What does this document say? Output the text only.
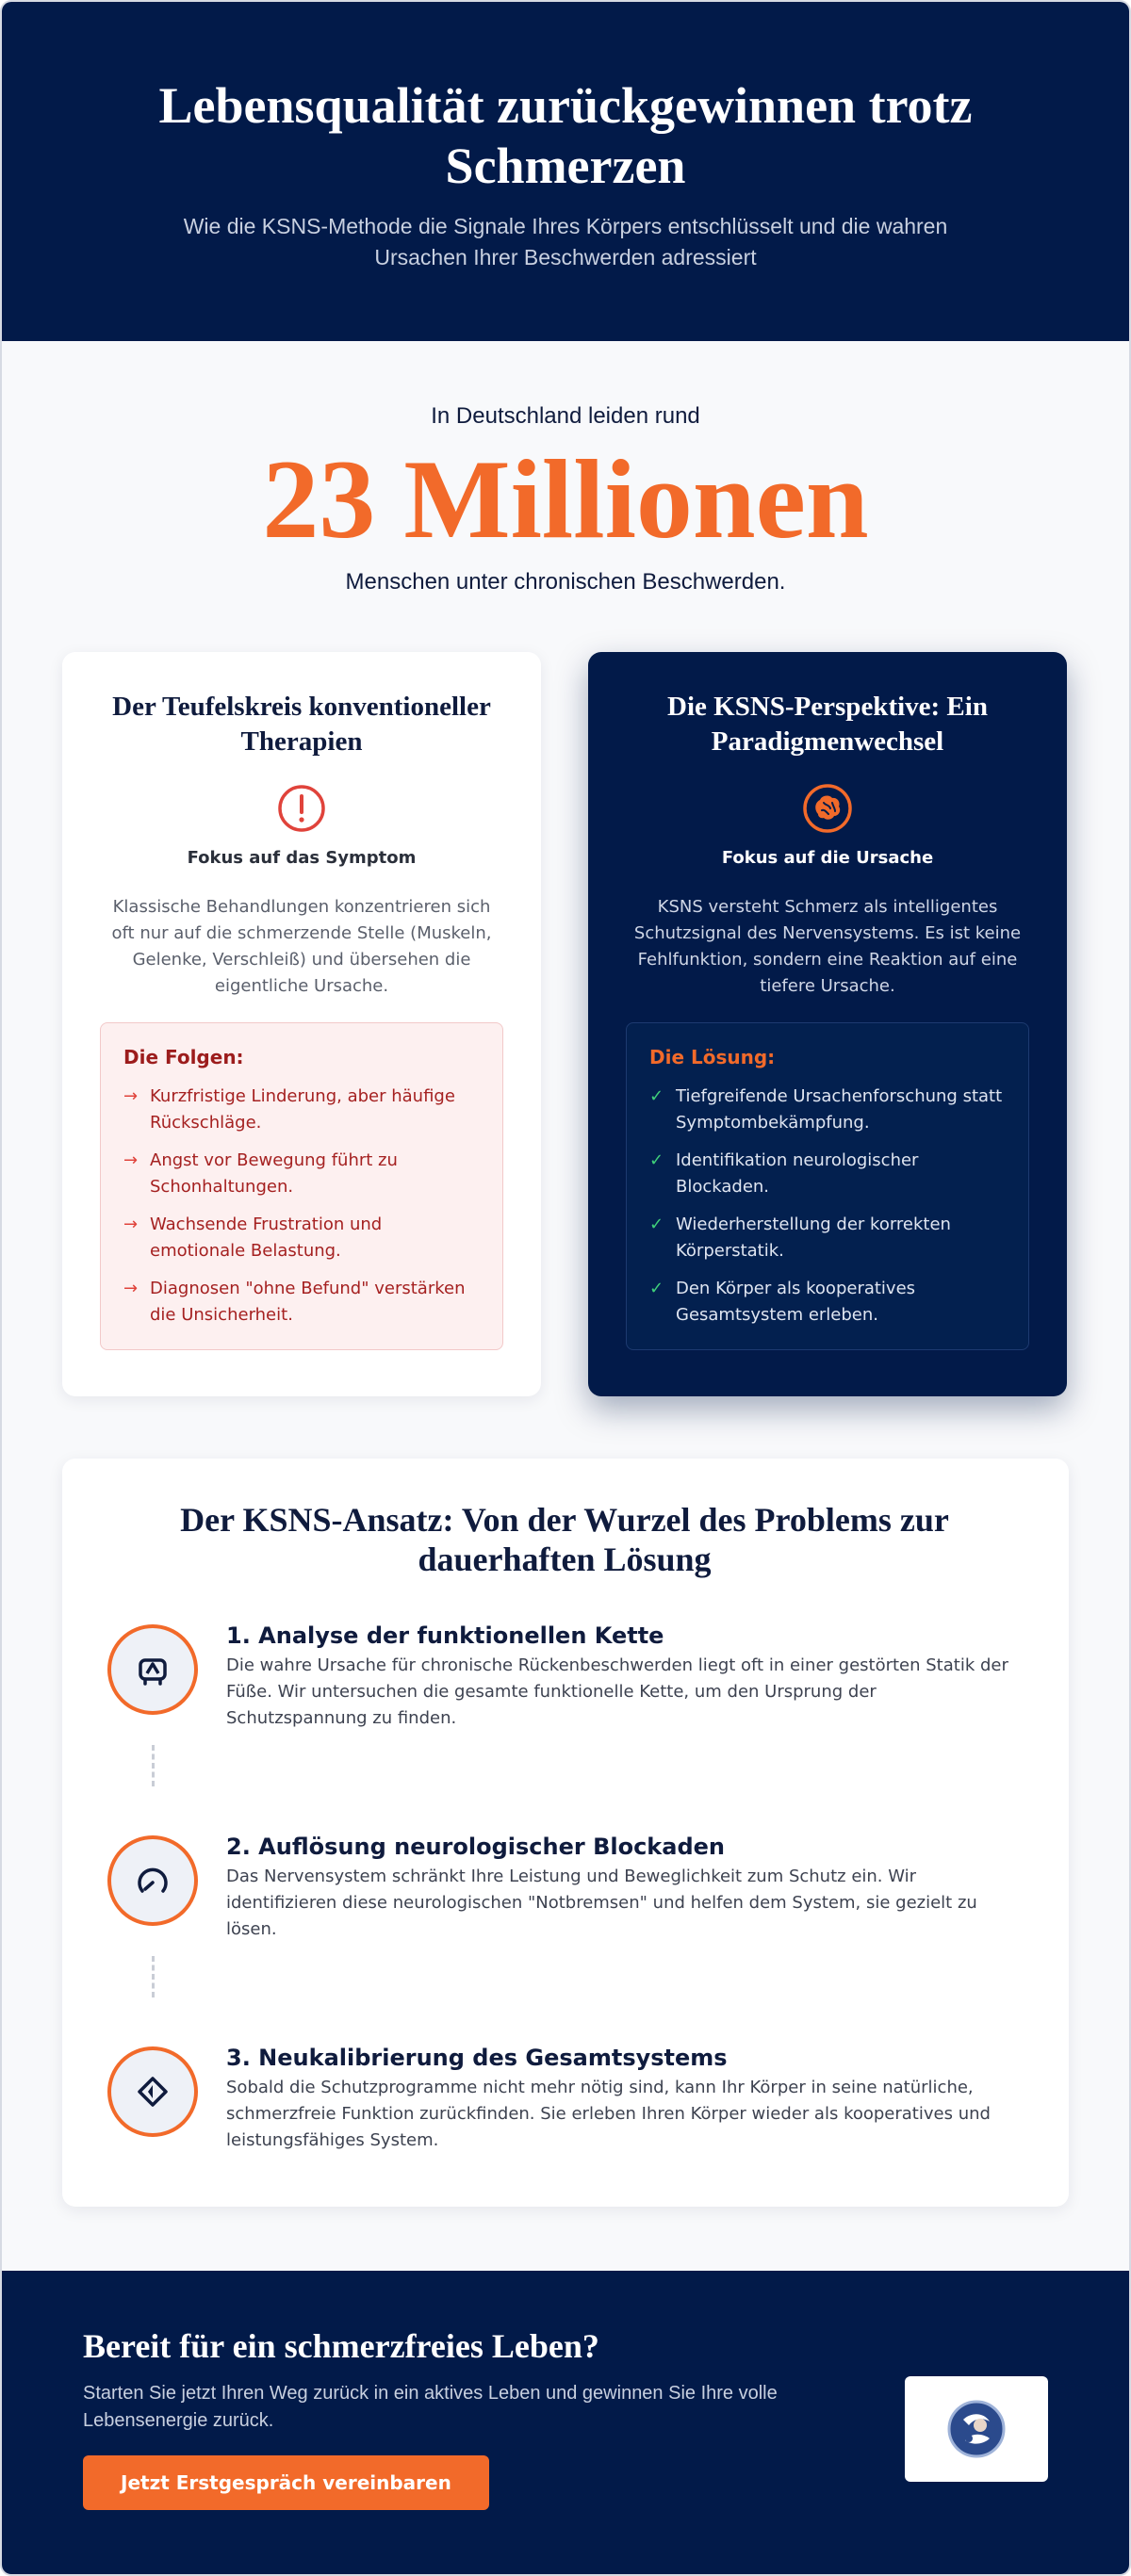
Lebensqualität zurückgewinnen trotz Schmerzen

Wie die KSNS-Methode die Signale Ihres Körpers entschlüsselt und die wahren Ursachen Ihrer Beschwerden adressiert

In Deutschland leiden rund
23 Millionen
Menschen unter chronischen Beschwerden.
Der Teufelskreis konventioneller Therapien
Fokus auf das Symptom

Klassische Behandlungen konzentrieren sich oft nur auf die schmerzende Stelle (Muskeln, Gelenke, Verschleiß) und übersehen die eigentliche Ursache.

Die Folgen:
→ Kurzfristige Linderung, aber häufige Rückschläge.
→ Angst vor Bewegung führt zu Schonhaltungen.
→ Wachsende Frustration und emotionale Belastung.
→ Diagnosen "ohne Befund" verstärken die Unsicherheit.
Die KSNS-Perspektive: Ein Paradigmenwechsel
Fokus auf die Ursache

KSNS versteht Schmerz als intelligentes Schutzsignal des Nervensystems. Es ist keine Fehlfunktion, sondern eine Reaktion auf eine tiefere Ursache.

Die Lösung:
✓ Tiefgreifende Ursachenforschung statt Symptombekämpfung.
✓ Identifikation neurologischer Blockaden.
✓ Wiederherstellung der korrekten Körperstatik.
✓ Den Körper als kooperatives Gesamtsystem erleben.
Der KSNS-Ansatz: Von der Wurzel des Problems zur dauerhaften Lösung
1. Analyse der funktionellen Kette

Die wahre Ursache für chronische Rückenbeschwerden liegt oft in einer gestörten Statik der Füße. Wir untersuchen die gesamte funktionelle Kette, um den Ursprung der Schutzspannung zu finden.

2. Auflösung neurologischer Blockaden

Das Nervensystem schränkt Ihre Leistung und Beweglichkeit zum Schutz ein. Wir identifizieren diese neurologischen "Notbremsen" und helfen dem System, sie gezielt zu lösen.

3. Neukalibrierung des Gesamtsystems

Sobald die Schutzprogramme nicht mehr nötig sind, kann Ihr Körper in seine natürliche, schmerzfreie Funktion zurückfinden. Sie erleben Ihren Körper wieder als kooperatives und leistungsfähiges System.

Bereit für ein schmerzfreies Leben?

Starten Sie jetzt Ihren Weg zurück in ein aktives Leben und gewinnen Sie Ihre volle Lebensenergie zurück.

Jetzt Erstgespräch vereinbaren
